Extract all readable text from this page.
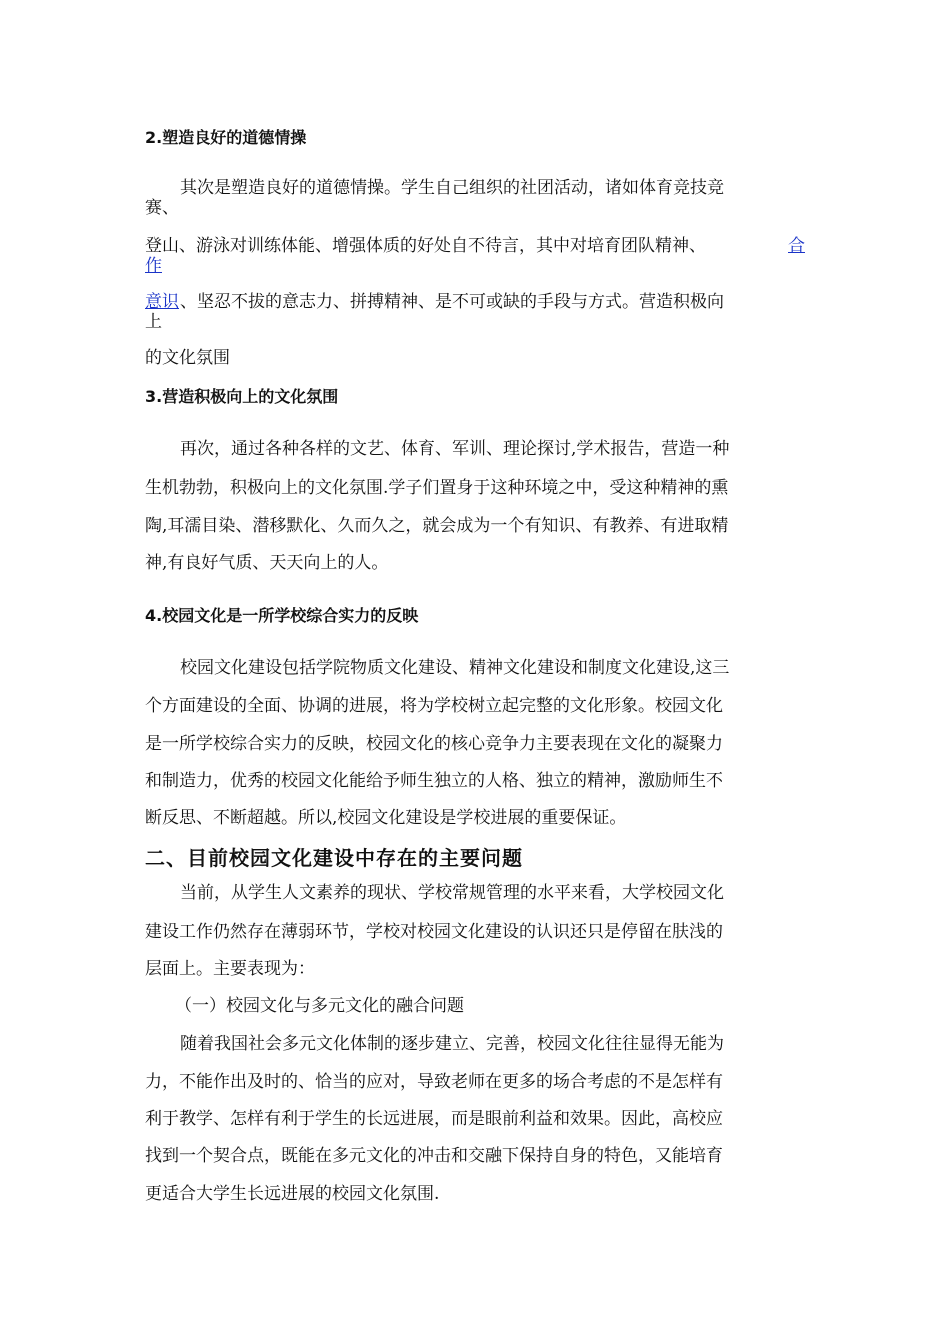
2.塑造良好的道德情操
其次是塑造良好的道德情操。学生自己组织的社团活动，诸如体育竞技竞
赛、
登山、游泳对训练体能、增强体质的好处自不待言，其中对培育团队精神、	合
作
意识 、坚忍不拔的意志力、拼搏精神、是不可或缺的手段与方式。营造积极向
上
的文化氛围
3.营造积极向上的文化氛围
再次，通过各种各样的文艺、体育、军训、理论探讨,学术报告，营造一种
生机勃勃，积极向上的文化氛围.学子们置身于这种环境之中，受这种精神的熏
陶,耳濡目染、潜移默化、久而久之，就会成为一个有知识、有教养、有进取精
神,有良好气质、天天向上的人。
4.校园文化是一所学校综合实力的反映
校园文化建设包括学院物质文化建设、精神文化建设和制度文化建设,这三
个方面建设的全面、协调的进展，将为学校树立起完整的文化形象。校园文化
是一所学校综合实力的反映，校园文化的核心竞争力主要表现在文化的凝聚力
和制造力，优秀的校园文化能给予师生独立的人格、独立的精神，激励师生不
断反思、不断超越。所以,校园文化建设是学校进展的重要保证。
二、目前校园文化建设中存在的主要问题
当前，从学生人文素养的现状、学校常规管理的水平来看，大学校园文化
建设工作仍然存在薄弱环节，学校对校园文化建设的认识还只是停留在肤浅的
层面上。主要表现为：
（一）校园文化与多元文化的融合问题
随着我国社会多元文化体制的逐步建立、完善，校园文化往往显得无能为
力，不能作出及时的、恰当的应对，导致老师在更多的场合考虑的不是怎样有
利于教学、怎样有利于学生的长远进展，而是眼前利益和效果。因此，高校应
找到一个契合点，既能在多元文化的冲击和交融下保持自身的特色，又能培育
更适合大学生长远进展的校园文化氛围.
